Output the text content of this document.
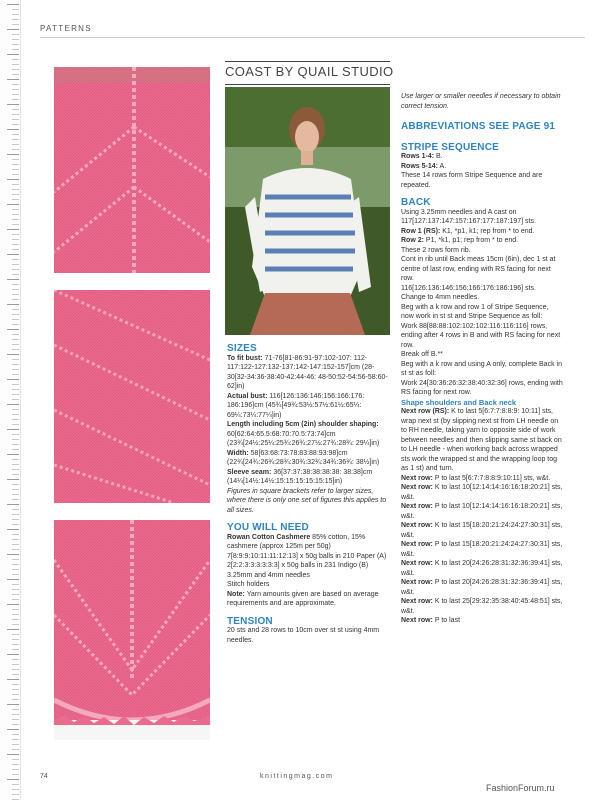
PATTERNS
COAST BY QUAIL STUDIO
SIZES

To fit bust: 71-76[81-86:91-97:102-107: 112-117:122-127:132-137:142-147:152-157]cm (28-30[32-34:36-38:40-42:44-46: 48-50:52-54:56-58:60-62]in)

Actual bust: 116[126:136:146:156:166:176: 186:196]cm (45¾[49¾:53½:57½:61½:65¼: 69¼:73¼:77¼]in)

Length including 5cm (2in) shoulder shaping: 60[62:64:65.5:68:70:70.5:73:74]cm (23¾[24½:25¼:25¾:26¾:27½:27¾:28¾: 29¼]in)

Width: 58[63:68:73:78:83:88:93:98]cm (22¾[24¾:26¾:28¾:30¾:32¾:34¾:36¾: 38½]in)

Sleeve seam: 36[37:37:38:38:38:38: 38:38]cm (14¼[14½:14½:15:15:15:15:15:15]in)

Figures in square brackets refer to larger sizes, where there is only one set of figures this applies to all sizes.

YOU WILL NEED

Rowan Cotton Cashmere 85% cotton, 15% cashmere (approx 125m per 50g)

7[8:9:9:10:11:11:12:13] x 50g balls in 210 Paper (A)

2[2:2:3:3:3:3:3:3] x 50g balls in 231 Indigo (B)

3.25mm and 4mm needles

Stitch holders

Note: Yarn amounts given are based on average requirements and are approximate.

TENSION

20 sts and 28 rows to 10cm over st st using 4mm needles.

Use larger or smaller needles if necessary to obtain correct tension.

ABBREVIATIONS SEE PAGE 91
STRIPE SEQUENCE

Rows 1-4: B.

Rows 5-14: A.

These 14 rows form Stripe Sequence and are repeated.

BACK

Using 3.25mm needles and A cast on 117[127:137:147:157:167:177:187:197] sts.

Row 1 (RS): K1, *p1, k1; rep from * to end.

Row 2: P1, *k1, p1; rep from * to end.

These 2 rows form rib.

Cont in rib until Back meas 15cm (6in), dec 1 st at centre of last row, ending with RS facing for next row.

116[126:136:146:156:166:176:186:196] sts.

Change to 4mm needles.

Beg with a k row and row 1 of Stripe Sequence, now work in st st and Stripe Sequence as foll:

Work 88[88:88:102:102:102:116:116:116] rows, ending after 4 rows in B and with RS facing for next row.

Break off B.**

Beg with a k row and using A only, complete Back in st st as foll:

Work 24[30:36:26:32:38:40:32:36] rows, ending with RS facing for next row.

Shape shoulders and Back neck

Next row (RS): K to last 5[6:7:7:8:8:9: 10:11] sts, wrap next st (by slipping next st from LH needle on to RH needle, taking yarn to opposite side of work between needles and then slipping same st back on to LH needle - when working back across wrapped sts work the wrapped st and the wrapping loop tog as 1 st) and turn.

Next row: P to last 5[6:7:7:8:8:9:10:11] sts, w&t.

Next row: K to last 10[12:14:14:16:16:18:20:21] sts, w&t.

Next row: P to last 10[12:14:14:16:16:18:20:21] sts, w&t.

Next row: K to last 15[18:20:21:24:24:27:30:31] sts, w&t.

Next row: P to last 15[18:20:21:24:24:27:30:31] sts, w&t.

Next row: K to last 20[24:26:28:31:32:36:39:41] sts, w&t.

Next row: P to last 20[24:26:28:31:32:36:39:41] sts, w&t.

Next row: K to last 25[29:32:35:38:40:45:48:51] sts, w&t.

Next row: P to last

74	knittingmag.com
FashionForum.ru
